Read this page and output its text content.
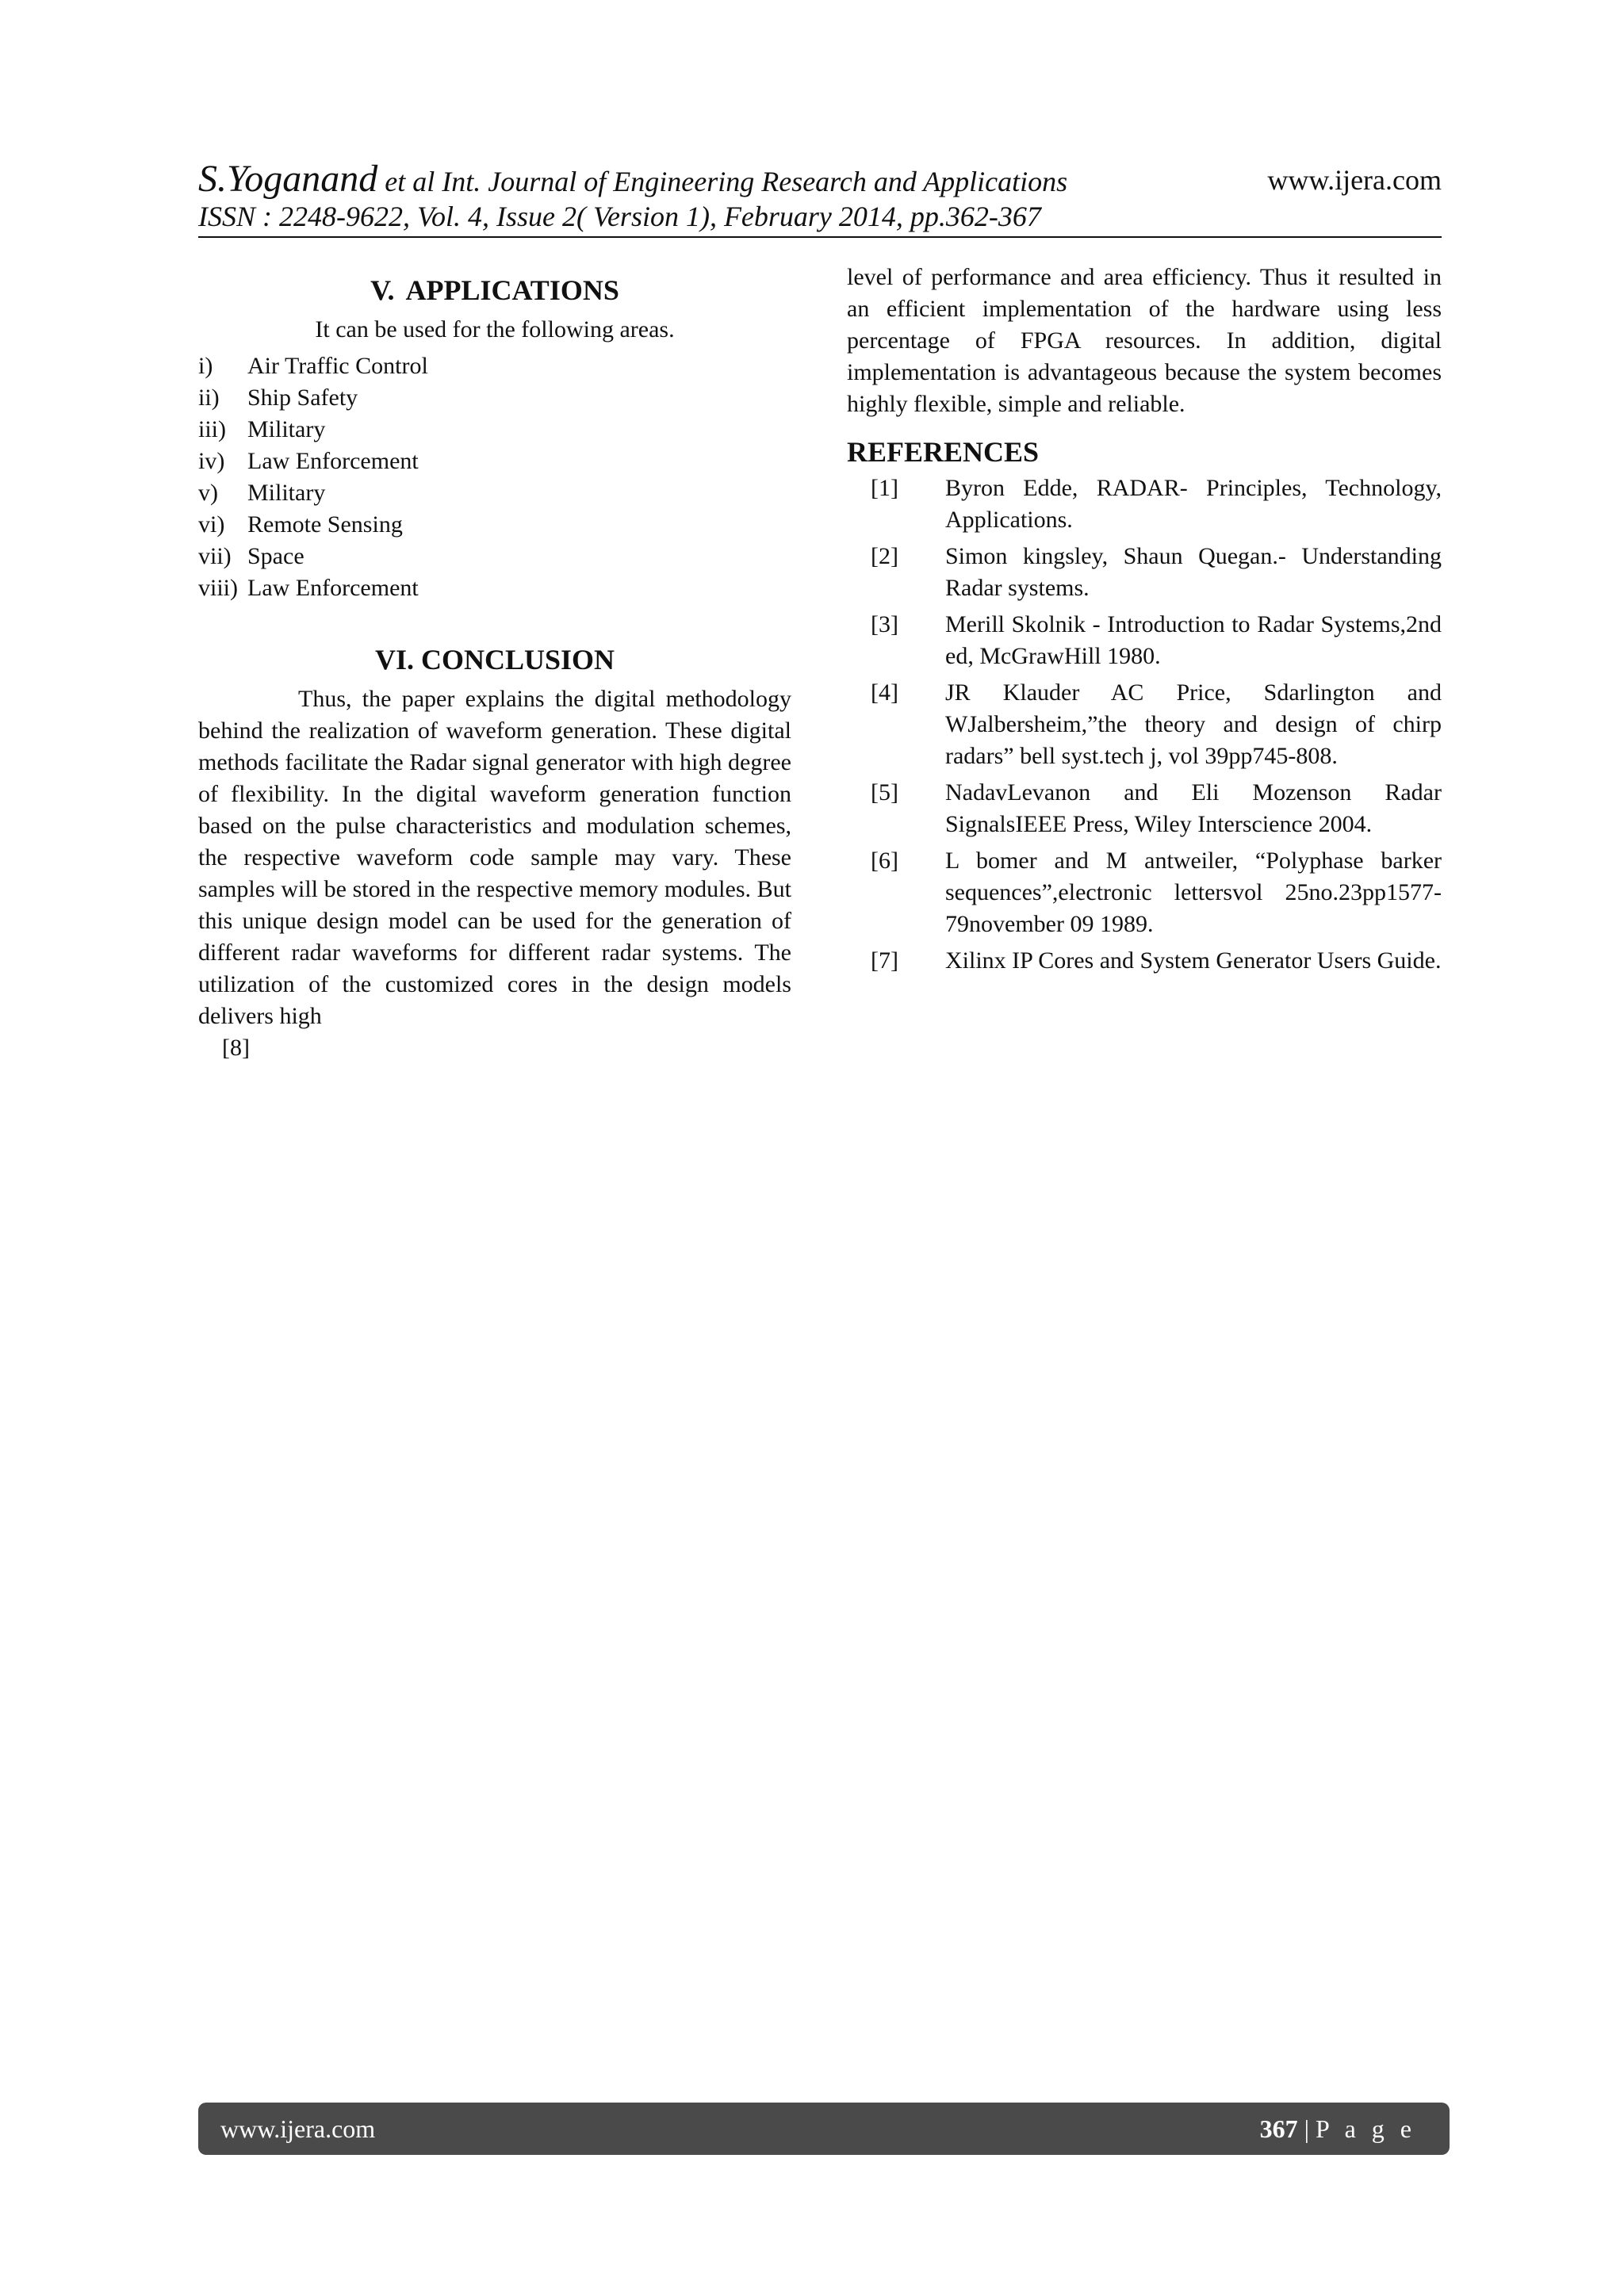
S.Yoganand et al Int. Journal of Engineering Research and Applications	www.ijera.com
ISSN : 2248-9622, Vol. 4, Issue 2( Version 1), February 2014, pp.362-367
V. APPLICATIONS
It can be used for the following areas.
i)	Air Traffic Control
ii)	Ship Safety
iii) Military
iv) Law Enforcement
v)	Military
vi) Remote Sensing
vii) Space
viii) Law Enforcement
VI. CONCLUSION

Thus, the paper explains the digital methodology behind the realization of waveform generation. These digital methods facilitate the Radar signal generator with high degree of flexibility. In the digital waveform generation function based on the pulse characteristics and modulation schemes, the respective waveform code sample may vary. These samples will be stored in the respective memory modules. But this unique design model can be used for the generation of different radar waveforms for different radar systems. The utilization of the customized cores in the design models delivers high

[8]

level of performance and area efficiency. Thus it resulted in an efficient implementation of the hardware using less percentage of FPGA resources. In addition, digital implementation is advantageous because the system becomes highly flexible, simple and reliable.

REFERENCES
[1]	Byron Edde, RADAR- Principles, Technology, Applications.
[2]	Simon kingsley, Shaun Quegan.- Understanding Radar systems.
[3]	Merill Skolnik - Introduction to Radar Systems,2nd ed, McGrawHill 1980.
[4]	JR Klauder AC Price, Sdarlington and WJalbersheim,”the theory and design of chirp radars” bell syst.tech j, vol 39pp745-808.
[5]	NadavLevanon and Eli Mozenson Radar SignalsIEEE Press, Wiley Interscience 2004.
[6]	L bomer and M antweiler, “Polyphase barker sequences”,electronic lettersvol 25no.23pp1577-79november 09 1989.
[7]	Xilinx IP Cores and System Generator Users Guide.
www.ijera.com	367 | P a g e
